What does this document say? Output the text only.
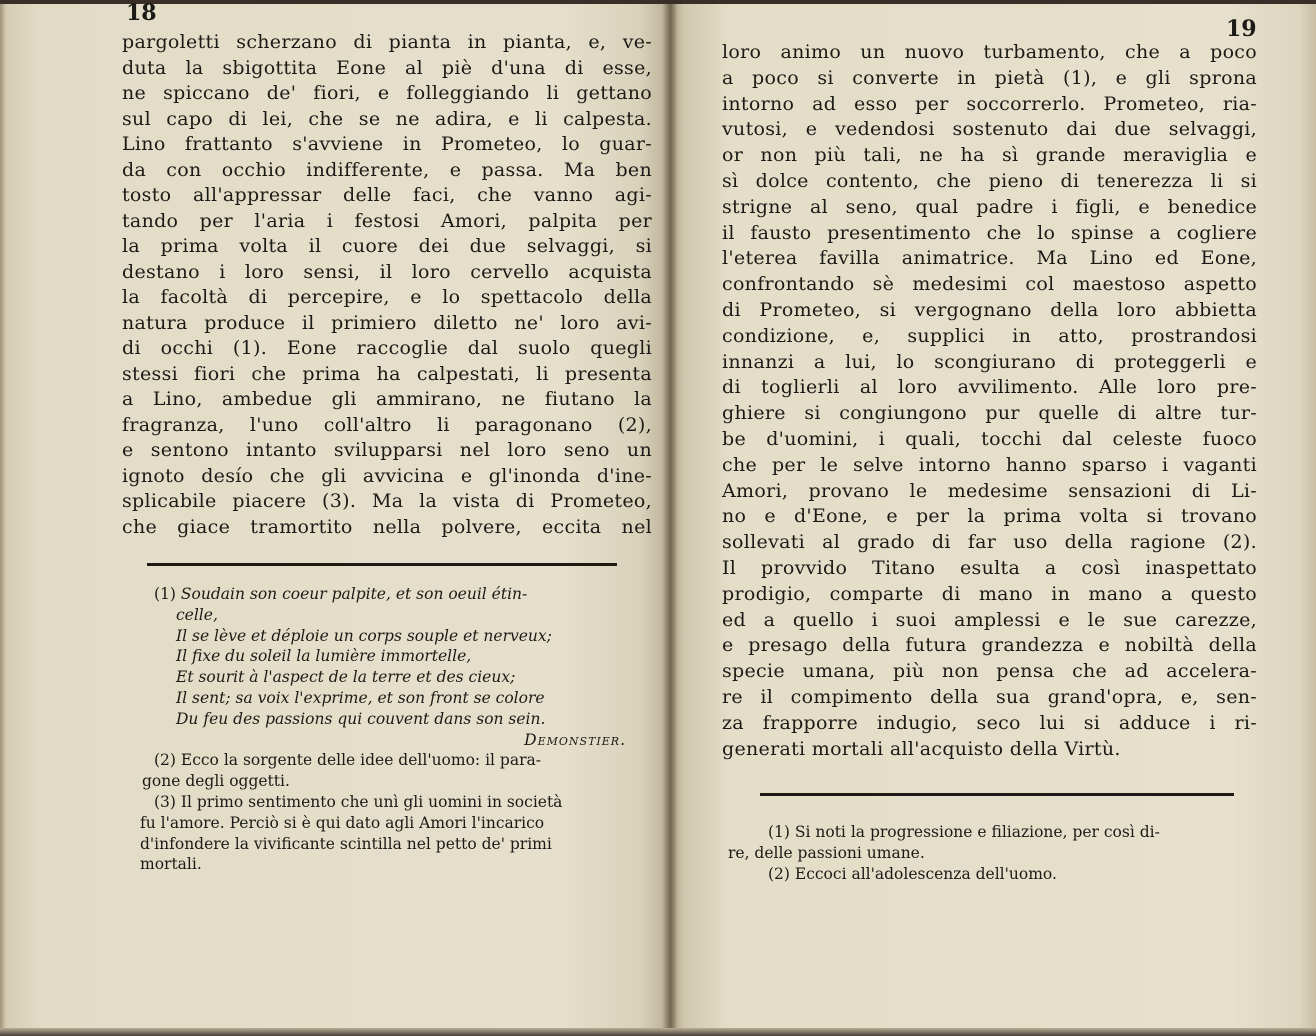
18
pargoletti scherzano di pianta in pianta, e, ve-
duta la sbigottita Eone al piè d'una di esse,
ne spiccano de' fiori, e folleggiando li gettano
sul capo di lei, che se ne adira, e li calpesta.
Lino frattanto s'avviene in Prometeo, lo guar-
da con occhio indifferente, e passa. Ma ben
tosto all'appressar delle faci, che vanno agi-
tando per l'aria i festosi Amori, palpita per
la prima volta il cuore dei due selvaggi, si
destano i loro sensi, il loro cervello acquista
la facoltà di percepire, e lo spettacolo della
natura produce il primiero diletto ne' loro avi-
di occhi (1). Eone raccoglie dal suolo quegli
stessi fiori che prima ha calpestati, li presenta
a Lino, ambedue gli ammirano, ne fiutano la
fragranza, l'uno coll'altro li paragonano (2),
e sentono intanto svilupparsi nel loro seno un
ignoto desío che gli avvicina e gl'inonda d'ine-
splicabile piacere (3). Ma la vista di Prometeo,
che giace tramortito nella polvere, eccita nel
(1) Soudain son coeur palpite, et son oeuil étin-
celle,
Il se lève et déploie un corps souple et nerveux;
Il fixe du soleil la lumière immortelle,
Et sourit à l'aspect de la terre et des cieux;
Il sent; sa voix l'exprime, et son front se colore
Du feu des passions qui couvent dans son sein.
Demonstier.
(2) Ecco la sorgente delle idee dell'uomo: il para-
gone degli oggetti.
(3) Il primo sentimento che unì gli uomini in società
fu l'amore. Perciò si è qui dato agli Amori l'incarico
d'infondere la vivificante scintilla nel petto de' primi
mortali.
19
loro animo un nuovo turbamento, che a poco
a poco si converte in pietà (1), e gli sprona
intorno ad esso per soccorrerlo. Prometeo, ria-
vutosi, e vedendosi sostenuto dai due selvaggi,
or non più tali, ne ha sì grande meraviglia e
sì dolce contento, che pieno di tenerezza li si
strigne al seno, qual padre i figli, e benedice
il fausto presentimento che lo spinse a cogliere
l'eterea favilla animatrice. Ma Lino ed Eone,
confrontando sè medesimi col maestoso aspetto
di Prometeo, si vergognano della loro abbietta
condizione, e, supplici in atto, prostrandosi
innanzi a lui, lo scongiurano di proteggerli e
di toglierli al loro avvilimento. Alle loro pre-
ghiere si congiungono pur quelle di altre tur-
be d'uomini, i quali, tocchi dal celeste fuoco
che per le selve intorno hanno sparso i vaganti
Amori, provano le medesime sensazioni di Li-
no e d'Eone, e per la prima volta si trovano
sollevati al grado di far uso della ragione (2).
Il provvido Titano esulta a così inaspettato
prodigio, comparte di mano in mano a questo
ed a quello i suoi amplessi e le sue carezze,
e presago della futura grandezza e nobiltà della
specie umana, più non pensa che ad accelera-
re il compimento della sua grand'opra, e, sen-
za frapporre indugio, seco lui si adduce i ri-
generati mortali all'acquisto della Virtù.
(1) Si noti la progressione e filiazione, per così di-
re, delle passioni umane.
(2) Eccoci all'adolescenza dell'uomo.
